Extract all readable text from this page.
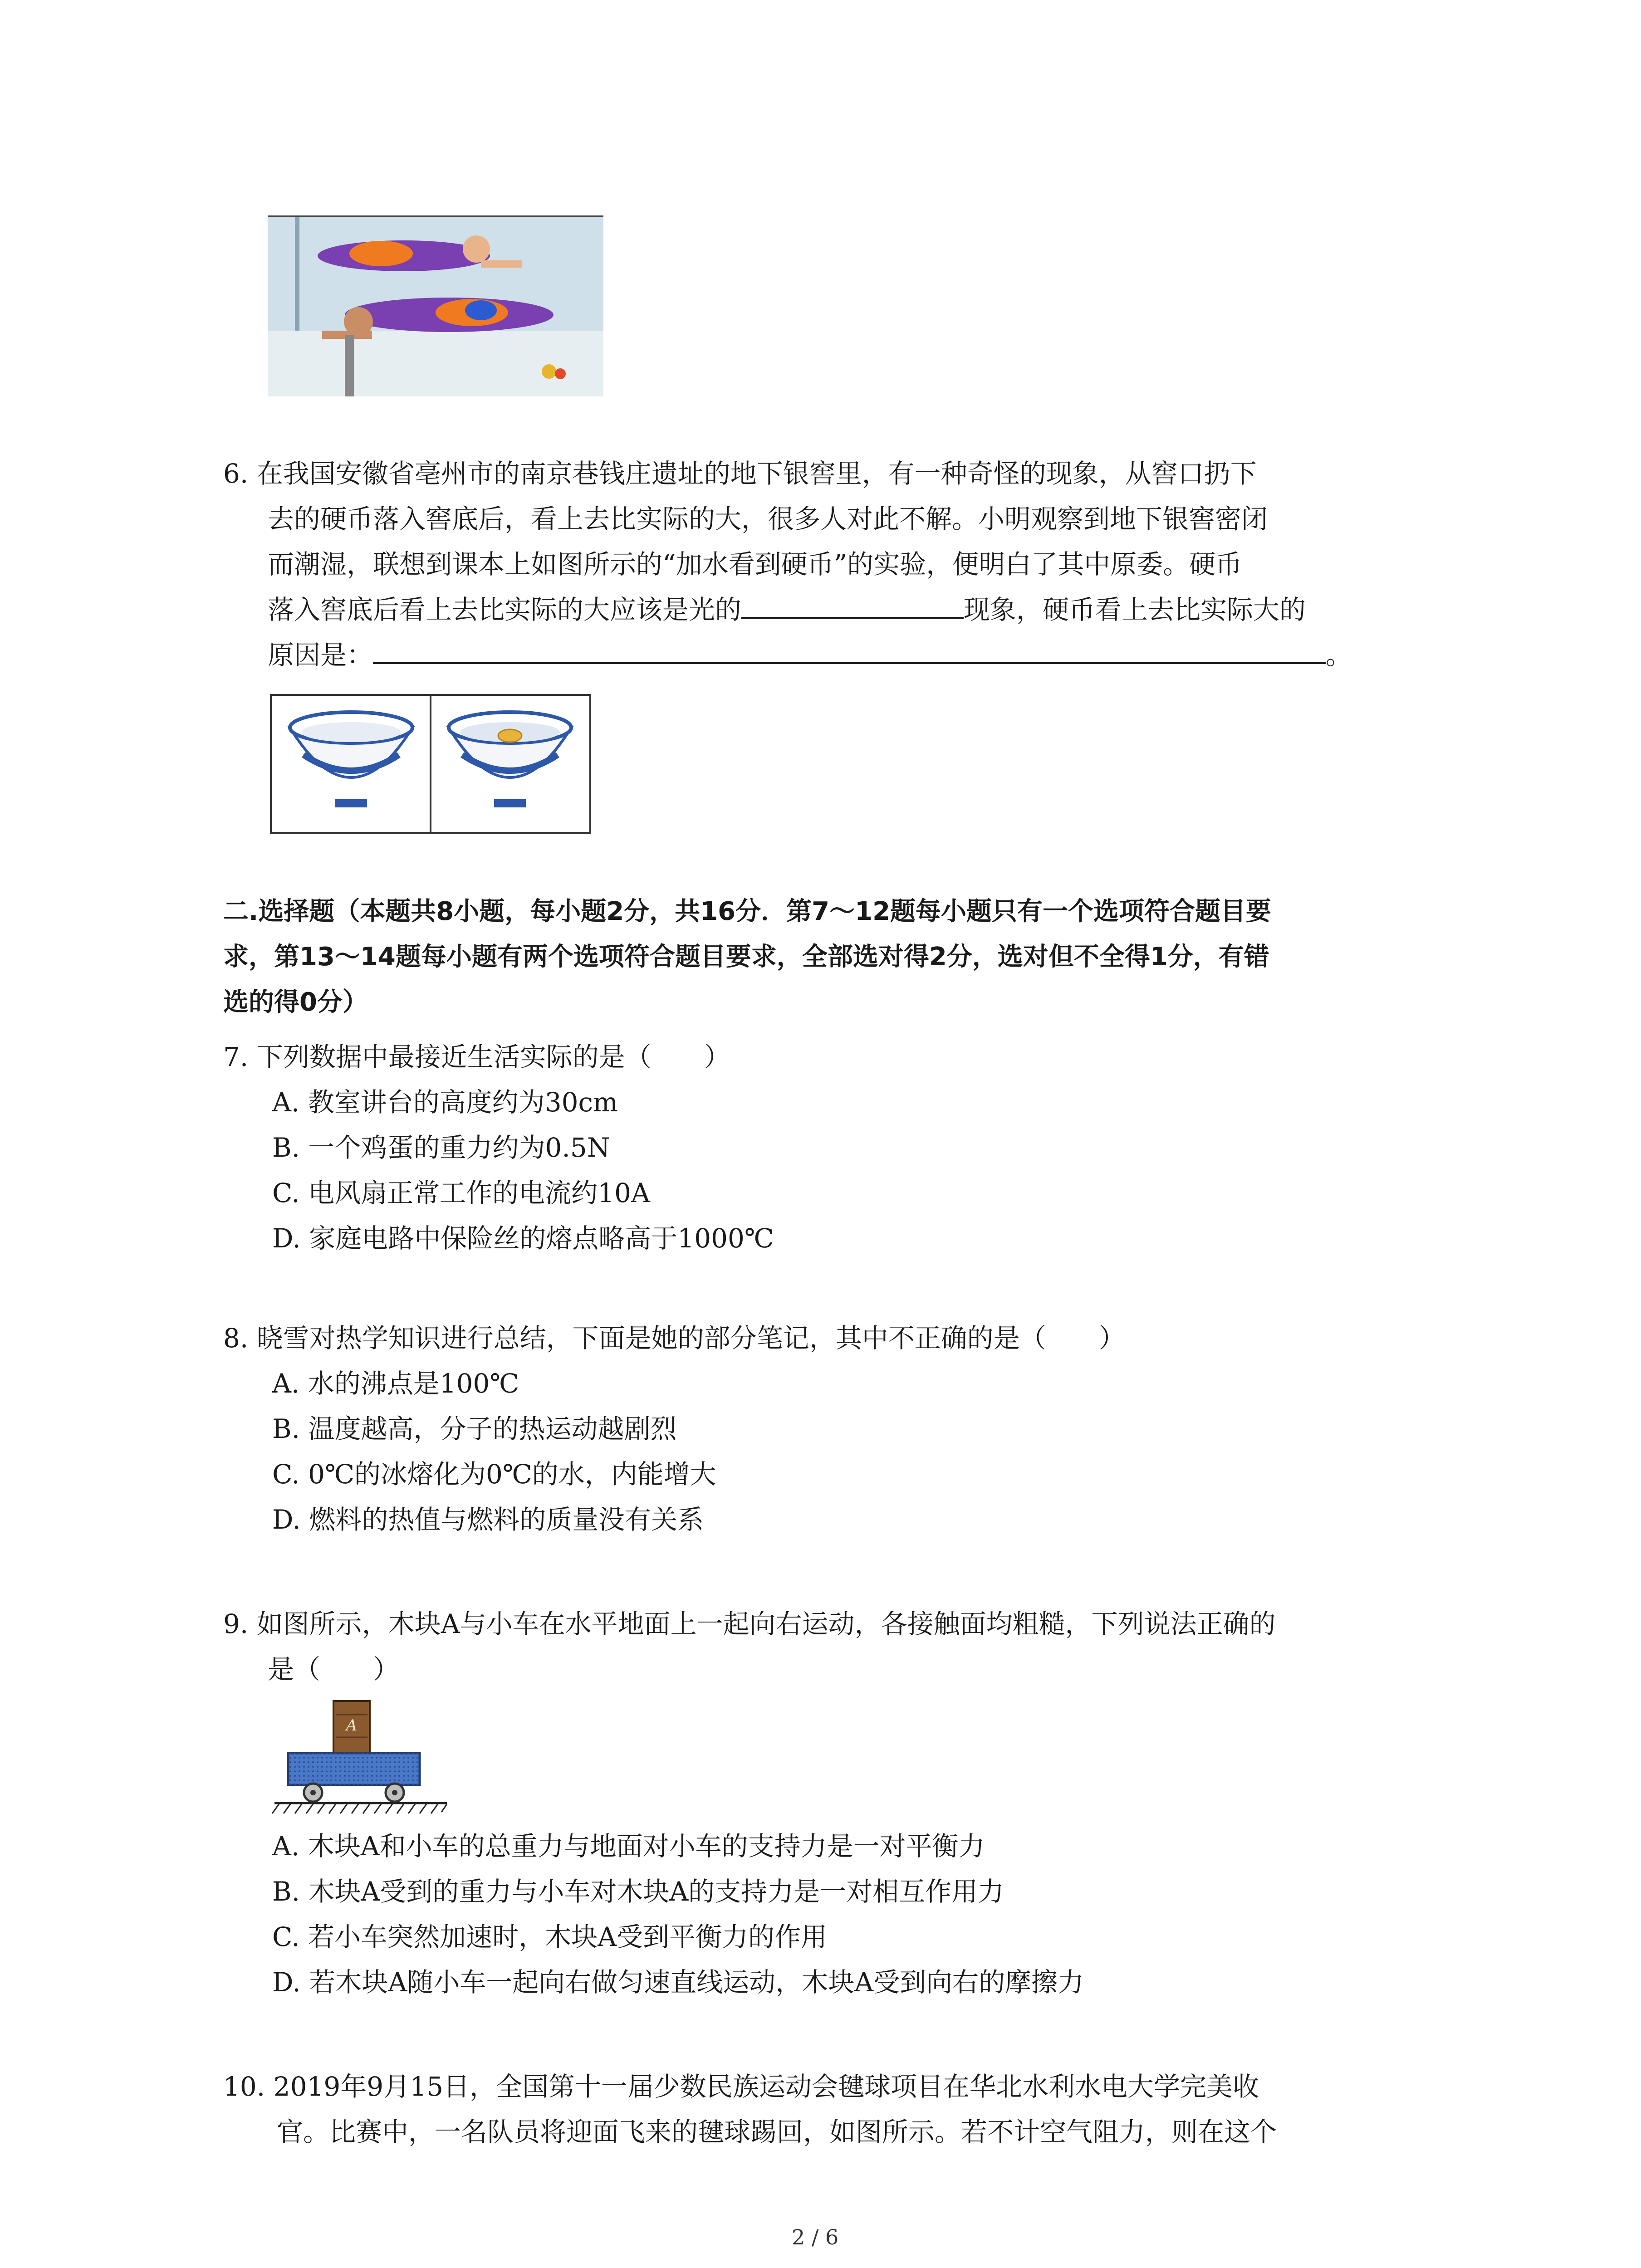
6. 在我国安徽省亳州市的南京巷钱庄遗址的地下银窖里，有一种奇怪的现象，从窖口扔下
去的硬币落入窖底后，看上去比实际的大，很多人对此不解。小明观察到地下银窖密闭
而潮湿，联想到课本上如图所示的“加水看到硬币”的实验，便明白了其中原委。硬币
落入窖底后看上去比实际的大应该是光的	现象，硬币看上去比实际大的
原因是：	。
二.选择题（本题共8小题，每小题2分，共16分．第7～12题每小题只有一个选项符合题目要
求，第13～14题每小题有两个选项符合题目要求，全部选对得2分，选对但不全得1分，有错
选的得0分）
7. 下列数据中最接近生活实际的是（　　）
A. 教室讲台的高度约为30cm
B. 一个鸡蛋的重力约为0.5N
C. 电风扇正常工作的电流约10A
D. 家庭电路中保险丝的熔点略高于1000℃
8. 晓雪对热学知识进行总结，下面是她的部分笔记，其中不正确的是（　　）
A. 水的沸点是100℃
B. 温度越高，分子的热运动越剧烈
C. 0℃的冰熔化为0℃的水，内能增大
D. 燃料的热值与燃料的质量没有关系
9. 如图所示，木块A与小车在水平地面上一起向右运动，各接触面均粗糙，下列说法正确的
是（　　）
A
A. 木块A和小车的总重力与地面对小车的支持力是一对平衡力
B. 木块A受到的重力与小车对木块A的支持力是一对相互作用力
C. 若小车突然加速时，木块A受到平衡力的作用
D. 若木块A随小车一起向右做匀速直线运动，木块A受到向右的摩擦力
10. 2019年9月15日，全国第十一届少数民族运动会毽球项目在华北水利水电大学完美收
官。比赛中，一名队员将迎面飞来的毽球踢回，如图所示。若不计空气阻力，则在这个
2 / 6
